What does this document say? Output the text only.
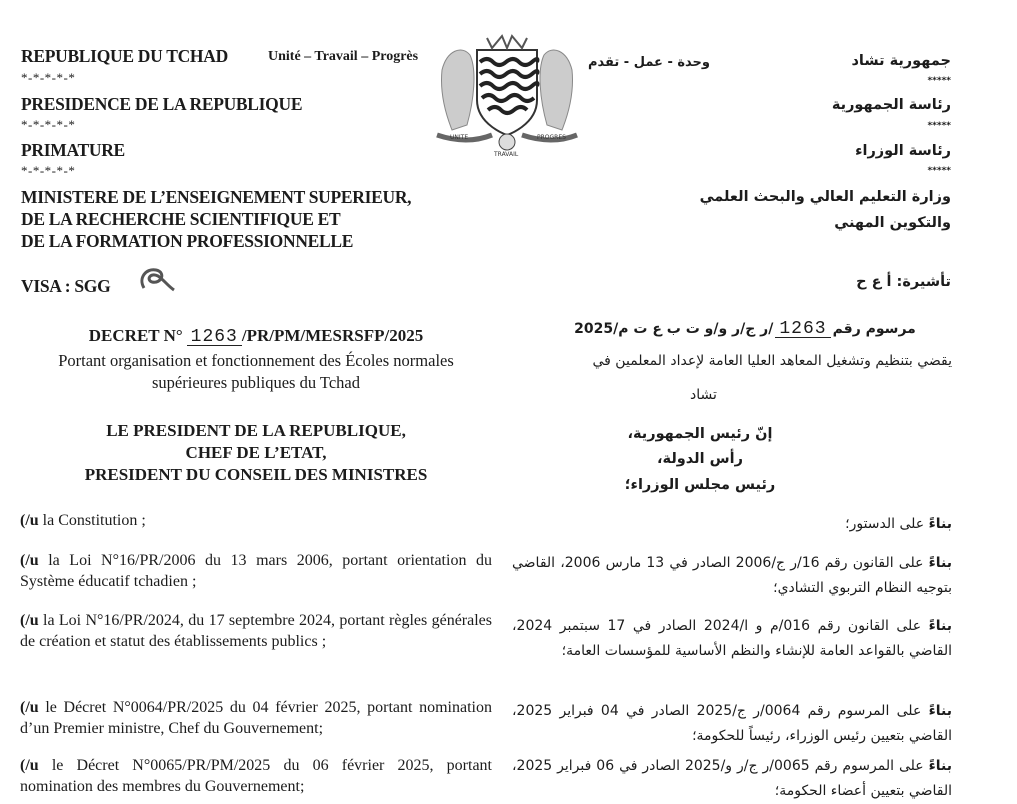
REPUBLIQUE DU TCHAD	Unité – Travail – Progrès
*-*-*-*-*
PRESIDENCE DE LA REPUBLIQUE
*-*-*-*-*
PRIMATURE
*-*-*-*-*
MINISTERE DE L’ENSEIGNEMENT SUPERIEUR,
DE LA RECHERCHE SCIENTIFIQUE ET
DE LA FORMATION PROFESSIONNELLE
VISA : SGG
UNITE
TRAVAIL
PROGRES
وحدة - عمل - تقدم	جمهورية تشاد
*****
رئاسة الجمهورية
*****
رئاسة الوزراء
*****
وزارة التعليم العالي والبحث العلمي
والتكوين المهني
تأشيرة: أ ع ح
DECRET N° 1263 /PR/PM/MESRSFP/2025
Portant organisation et fonctionnement des Écoles normales
supérieures publiques du Tchad
LE PRESIDENT DE LA REPUBLIQUE,
CHEF DE L’ETAT,
PRESIDENT DU CONSEIL DES MINISTRES
مرسوم رقم1263/ر ج/ر و/و ت ب ع ت م/2025
يقضي بتنظيم وتشغيل المعاهد العليا العامة لإعداد المعلمين في
تشاد
إنّ رئيس الجمهورية،
رأس الدولة،
رئيس مجلس الوزراء؛
(/u la Constitution ;
(/u la Loi N°16/PR/2006 du 13 mars 2006, portant orientation du Système éducatif tchadien ;
(/u la Loi N°16/PR/2024, du 17 septembre 2024, portant règles générales de création et statut des établissements publics ;
(/u le Décret N°0064/PR/2025 du 04 février 2025, portant nomination d’un Premier ministre, Chef du Gouvernement;
(/u le Décret N°0065/PR/PM/2025 du 06 février 2025, portant nomination des membres du Gouvernement;
بناءً على الدستور؛
بناءً على القانون رقم 16/ر ج/2006 الصادر في 13 مارس 2006، القاضي بتوجيه النظام التربوي التشادي؛
بناءً على القانون رقم 016/م و ا/2024 الصادر في 17 سبتمبر 2024، القاضي بالقواعد العامة للإنشاء والنظم الأساسية للمؤسسات العامة؛
بناءً على المرسوم رقم 0064/ر ج/2025 الصادر في 04 فبراير 2025، القاضي بتعيين رئيس الوزراء، رئيساً للحكومة؛
بناءً على المرسوم رقم 0065/ر ج/ر و/2025 الصادر في 06 فبراير 2025، القاضي بتعيين أعضاء الحكومة؛
